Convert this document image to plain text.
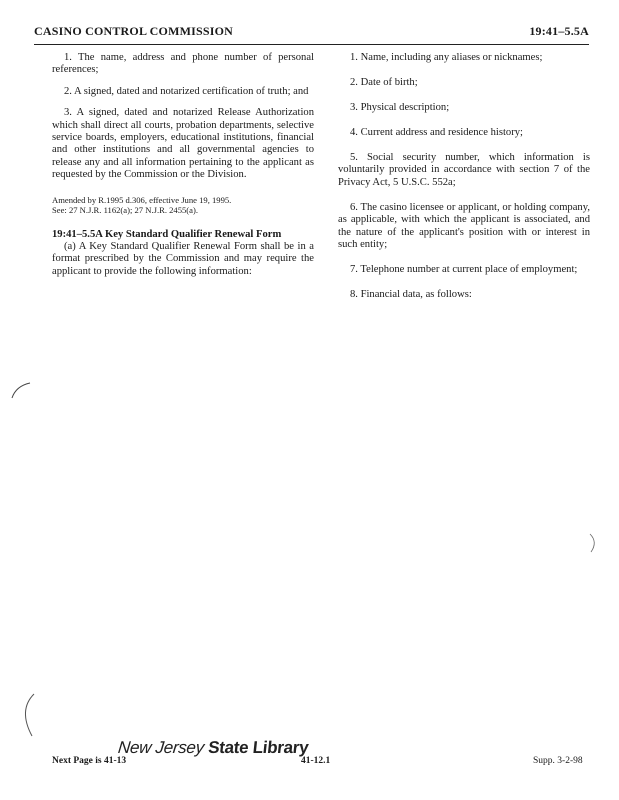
CASINO CONTROL COMMISSION	19:41–5.5A

1. The name, address and phone number of personal references;

2. A signed, dated and notarized certification of truth; and

3. A signed, dated and notarized Release Authorization which shall direct all courts, probation departments, selective service boards, employers, educational institutions, financial and other institutions and all governmental agencies to release any and all information pertaining to the applicant as requested by the Commission or the Division.

Amended by R.1995 d.306, effective June 19, 1995.
See: 27 N.J.R. 1162(a); 27 N.J.R. 2455(a).

19:41–5.5A Key Standard Qualifier Renewal Form

(a) A Key Standard Qualifier Renewal Form shall be in a format prescribed by the Commission and may require the applicant to provide the following information:

1. Name, including any aliases or nicknames;

2. Date of birth;

3. Physical description;

4. Current address and residence history;

5. Social security number, which information is voluntarily provided in accordance with section 7 of the Privacy Act, 5 U.S.C. 552a;

6. The casino licensee or applicant, or holding company, as applicable, with which the applicant is associated, and the nature of the applicant's position with or interest in such entity;

7. Telephone number at current place of employment;

8. Financial data, as follows:

New Jersey State Library
Next Page is 41-13	41-12.1	Supp. 3-2-98
